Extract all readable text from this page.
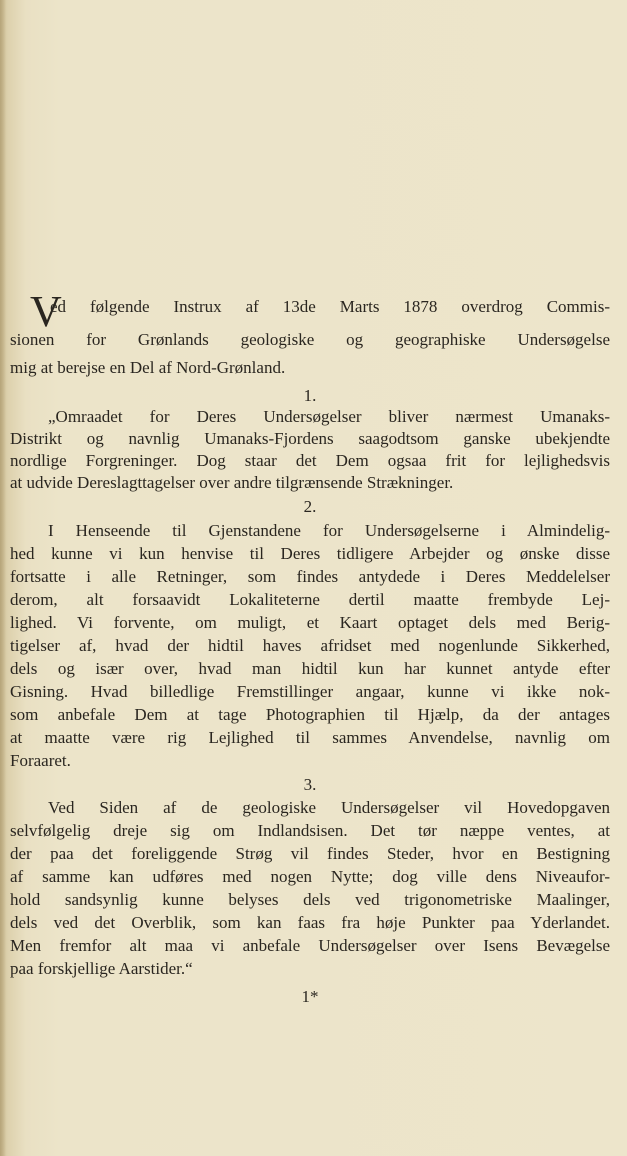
V
ed følgende Instrux af 13de Marts 1878 overdrog Commis-
sionen for Grønlands geologiske og geographiske Undersøgelse
mig at berejse en Del af Nord-Grønland.
1.
„Omraadet for Deres Undersøgelser bliver nærmest Umanaks-
Distrikt og navnlig Umanaks-Fjordens saagodtsom ganske ubekjendte
nordlige Forgreninger. Dog staar det Dem ogsaa frit for lejlighedsvis
at udvide Dereslagttagelser over andre tilgrænsende Strækninger.
2.
I Henseende til Gjenstandene for Undersøgelserne i Almindelig-
hed kunne vi kun henvise til Deres tidligere Arbejder og ønske disse
fortsatte i alle Retninger, som findes antydede i Deres Meddelelser
derom, alt forsaavidt Lokaliteterne dertil maatte frembyde Lej-
lighed. Vi forvente, om muligt, et Kaart optaget dels med Berig-
tigelser af, hvad der hidtil haves afridset med nogenlunde Sikkerhed,
dels og især over, hvad man hidtil kun har kunnet antyde efter
Gisning. Hvad billedlige Fremstillinger angaar, kunne vi ikke nok-
som anbefale Dem at tage Photographien til Hjælp, da der antages
at maatte være rig Lejlighed til sammes Anvendelse, navnlig om
Foraaret.
3.
Ved Siden af de geologiske Undersøgelser vil Hovedopgaven
selvfølgelig dreje sig om Indlandsisen. Det tør næppe ventes, at
der paa det foreliggende Strøg vil findes Steder, hvor en Bestigning
af samme kan udføres med nogen Nytte; dog ville dens Niveaufor-
hold sandsynlig kunne belyses dels ved trigonometriske Maalinger,
dels ved det Overblik, som kan faas fra høje Punkter paa Yderlandet.
Men fremfor alt maa vi anbefale Undersøgelser over Isens Bevægelse
paa forskjellige Aarstider.“
1*
